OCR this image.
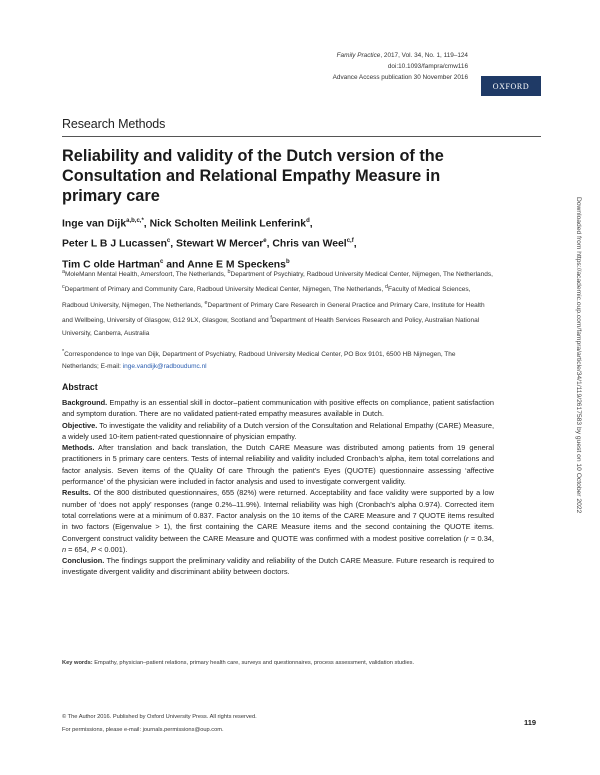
Family Practice, 2017, Vol. 34, No. 1, 119–124
doi:10.1093/fampra/cmw116
Advance Access publication 30 November 2016
OXFORD
Research Methods
Reliability and validity of the Dutch version of the Consultation and Relational Empathy Measure in primary care
Inge van Dijk$^{a,b,c,*}$, Nick Scholten Meilink Lenferink$^d$,
Peter L B J Lucassen$^c$, Stewart W Mercer$^e$, Chris van Weel$^{c,f}$,
Tim C olde Hartman$^c$ and Anne E M Speckens$^b$
$^a$MoleMann Mental Health, Amersfoort, The Netherlands, $^b$Department of Psychiatry, Radboud University Medical Center, Nijmegen, The Netherlands, $^c$Department of Primary and Community Care, Radboud University Medical Center, Nijmegen, The Netherlands, $^d$Faculty of Medical Sciences, Radboud University, Nijmegen, The Netherlands, $^e$Department of Primary Care Research in General Practice and Primary Care, Institute for Health and Wellbeing, University of Glasgow, G12 9LX, Glasgow, Scotland and $^f$Department of Health Services Research and Policy, Australian National University, Canberra, Australia
*Correspondence to Inge van Dijk, Department of Psychiatry, Radboud University Medical Center, PO Box 9101, 6500 HB Nijmegen, The Netherlands; E-mail: inge.vandijk@radboudumc.nl
Abstract

Background. Empathy is an essential skill in doctor–patient communication with positive effects on compliance, patient satisfaction and symptom duration. There are no validated patient-rated empathy measures available in Dutch.

Objective. To investigate the validity and reliability of a Dutch version of the Consultation and Relational Empathy (CARE) Measure, a widely used 10-item patient-rated questionnaire of physician empathy.

Methods. After translation and back translation, the Dutch CARE Measure was distributed among patients from 19 general practitioners in 5 primary care centers. Tests of internal reliability and validity included Cronbach’s alpha, item total correlations and factor analysis. Seven items of the QUality Of care Through the patient’s Eyes (QUOTE) questionnaire assessing ‘affective performance’ of the physician were included in factor analysis and used to investigate convergent validity.

Results. Of the 800 distributed questionnaires, 655 (82%) were returned. Acceptability and face validity were supported by a low number of ‘does not apply’ responses (range 0.2%–11.9%). Internal reliability was high (Cronbach’s alpha 0.974). Corrected item total correlations were at a minimum of 0.837. Factor analysis on the 10 items of the CARE Measure and 7 QUOTE items resulted in two factors (Eigenvalue > 1), the first containing the CARE Measure items and the second containing the QUOTE items. Convergent construct validity between the CARE Measure and QUOTE was confirmed with a modest positive correlation (r = 0.34, n = 654, P < 0.001).

Conclusion. The findings support the preliminary validity and reliability of the Dutch CARE Measure. Future research is required to investigate divergent validity and discriminant ability between doctors.

Key words: Empathy, physician–patient relations, primary health care, surveys and questionnaires, process assessment, validation studies.
© The Author 2016. Published by Oxford University Press. All rights reserved.
For permissions, please e-mail: journals.permissions@oup.com.
119
Downloaded from https://academic.oup.com/fampra/article/34/1/119/2617583 by guest on 10 October 2022
